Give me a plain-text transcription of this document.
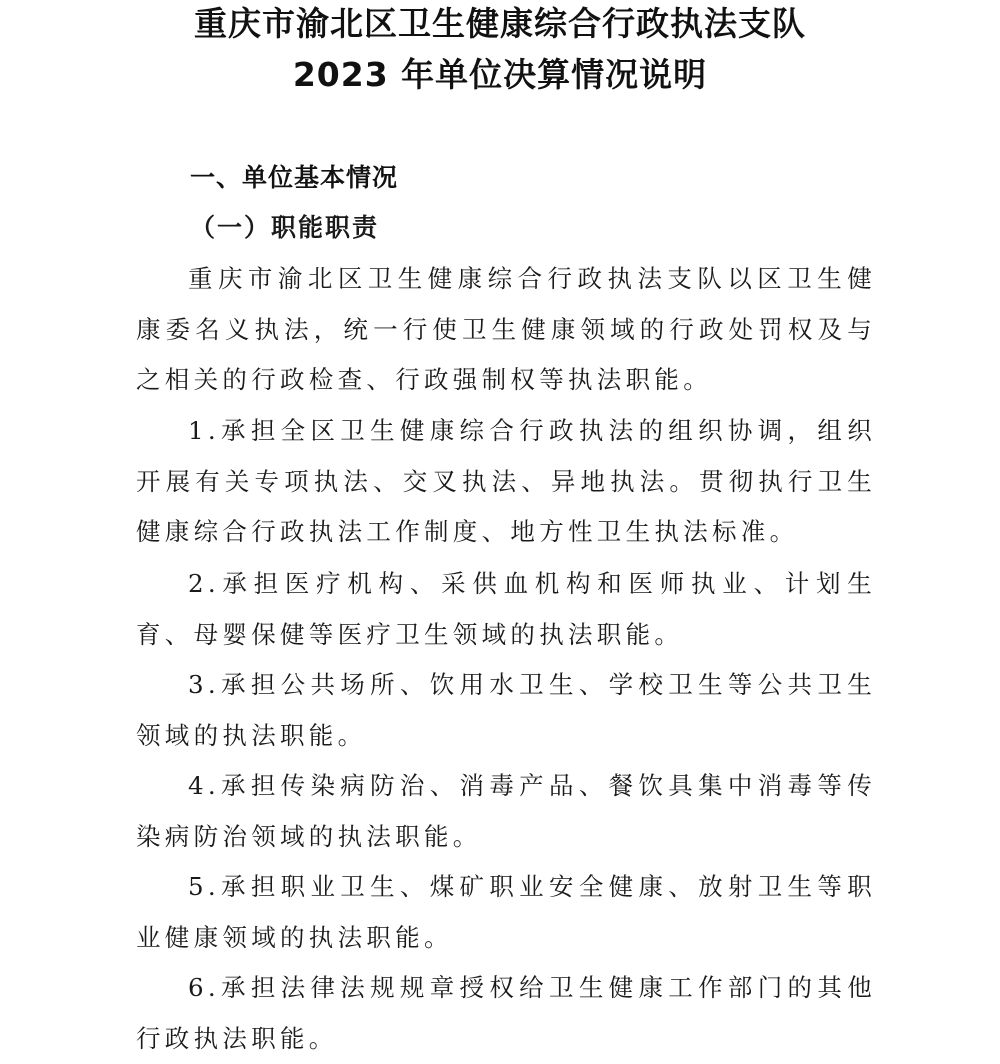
重庆市渝北区卫生健康综合行政执法支队
2023 年单位决算情况说明
一、单位基本情况
（一）职能职责

重庆市渝北区卫生健康综合行政执法支队以区卫生健康委名义执法，统一行使卫生健康领域的行政处罚权及与之相关的行政检查、行政强制权等执法职能。

1.承担全区卫生健康综合行政执法的组织协调，组织开展有关专项执法、交叉执法、异地执法。贯彻执行卫生健康综合行政执法工作制度、地方性卫生执法标准。

2.承担医疗机构、采供血机构和医师执业、计划生育、母婴保健等医疗卫生领域的执法职能。

3.承担公共场所、饮用水卫生、学校卫生等公共卫生领域的执法职能。

4.承担传染病防治、消毒产品、餐饮具集中消毒等传染病防治领域的执法职能。

5.承担职业卫生、煤矿职业安全健康、放射卫生等职业健康领域的执法职能。

6.承担法律法规规章授权给卫生健康工作部门的其他行政执法职能。
